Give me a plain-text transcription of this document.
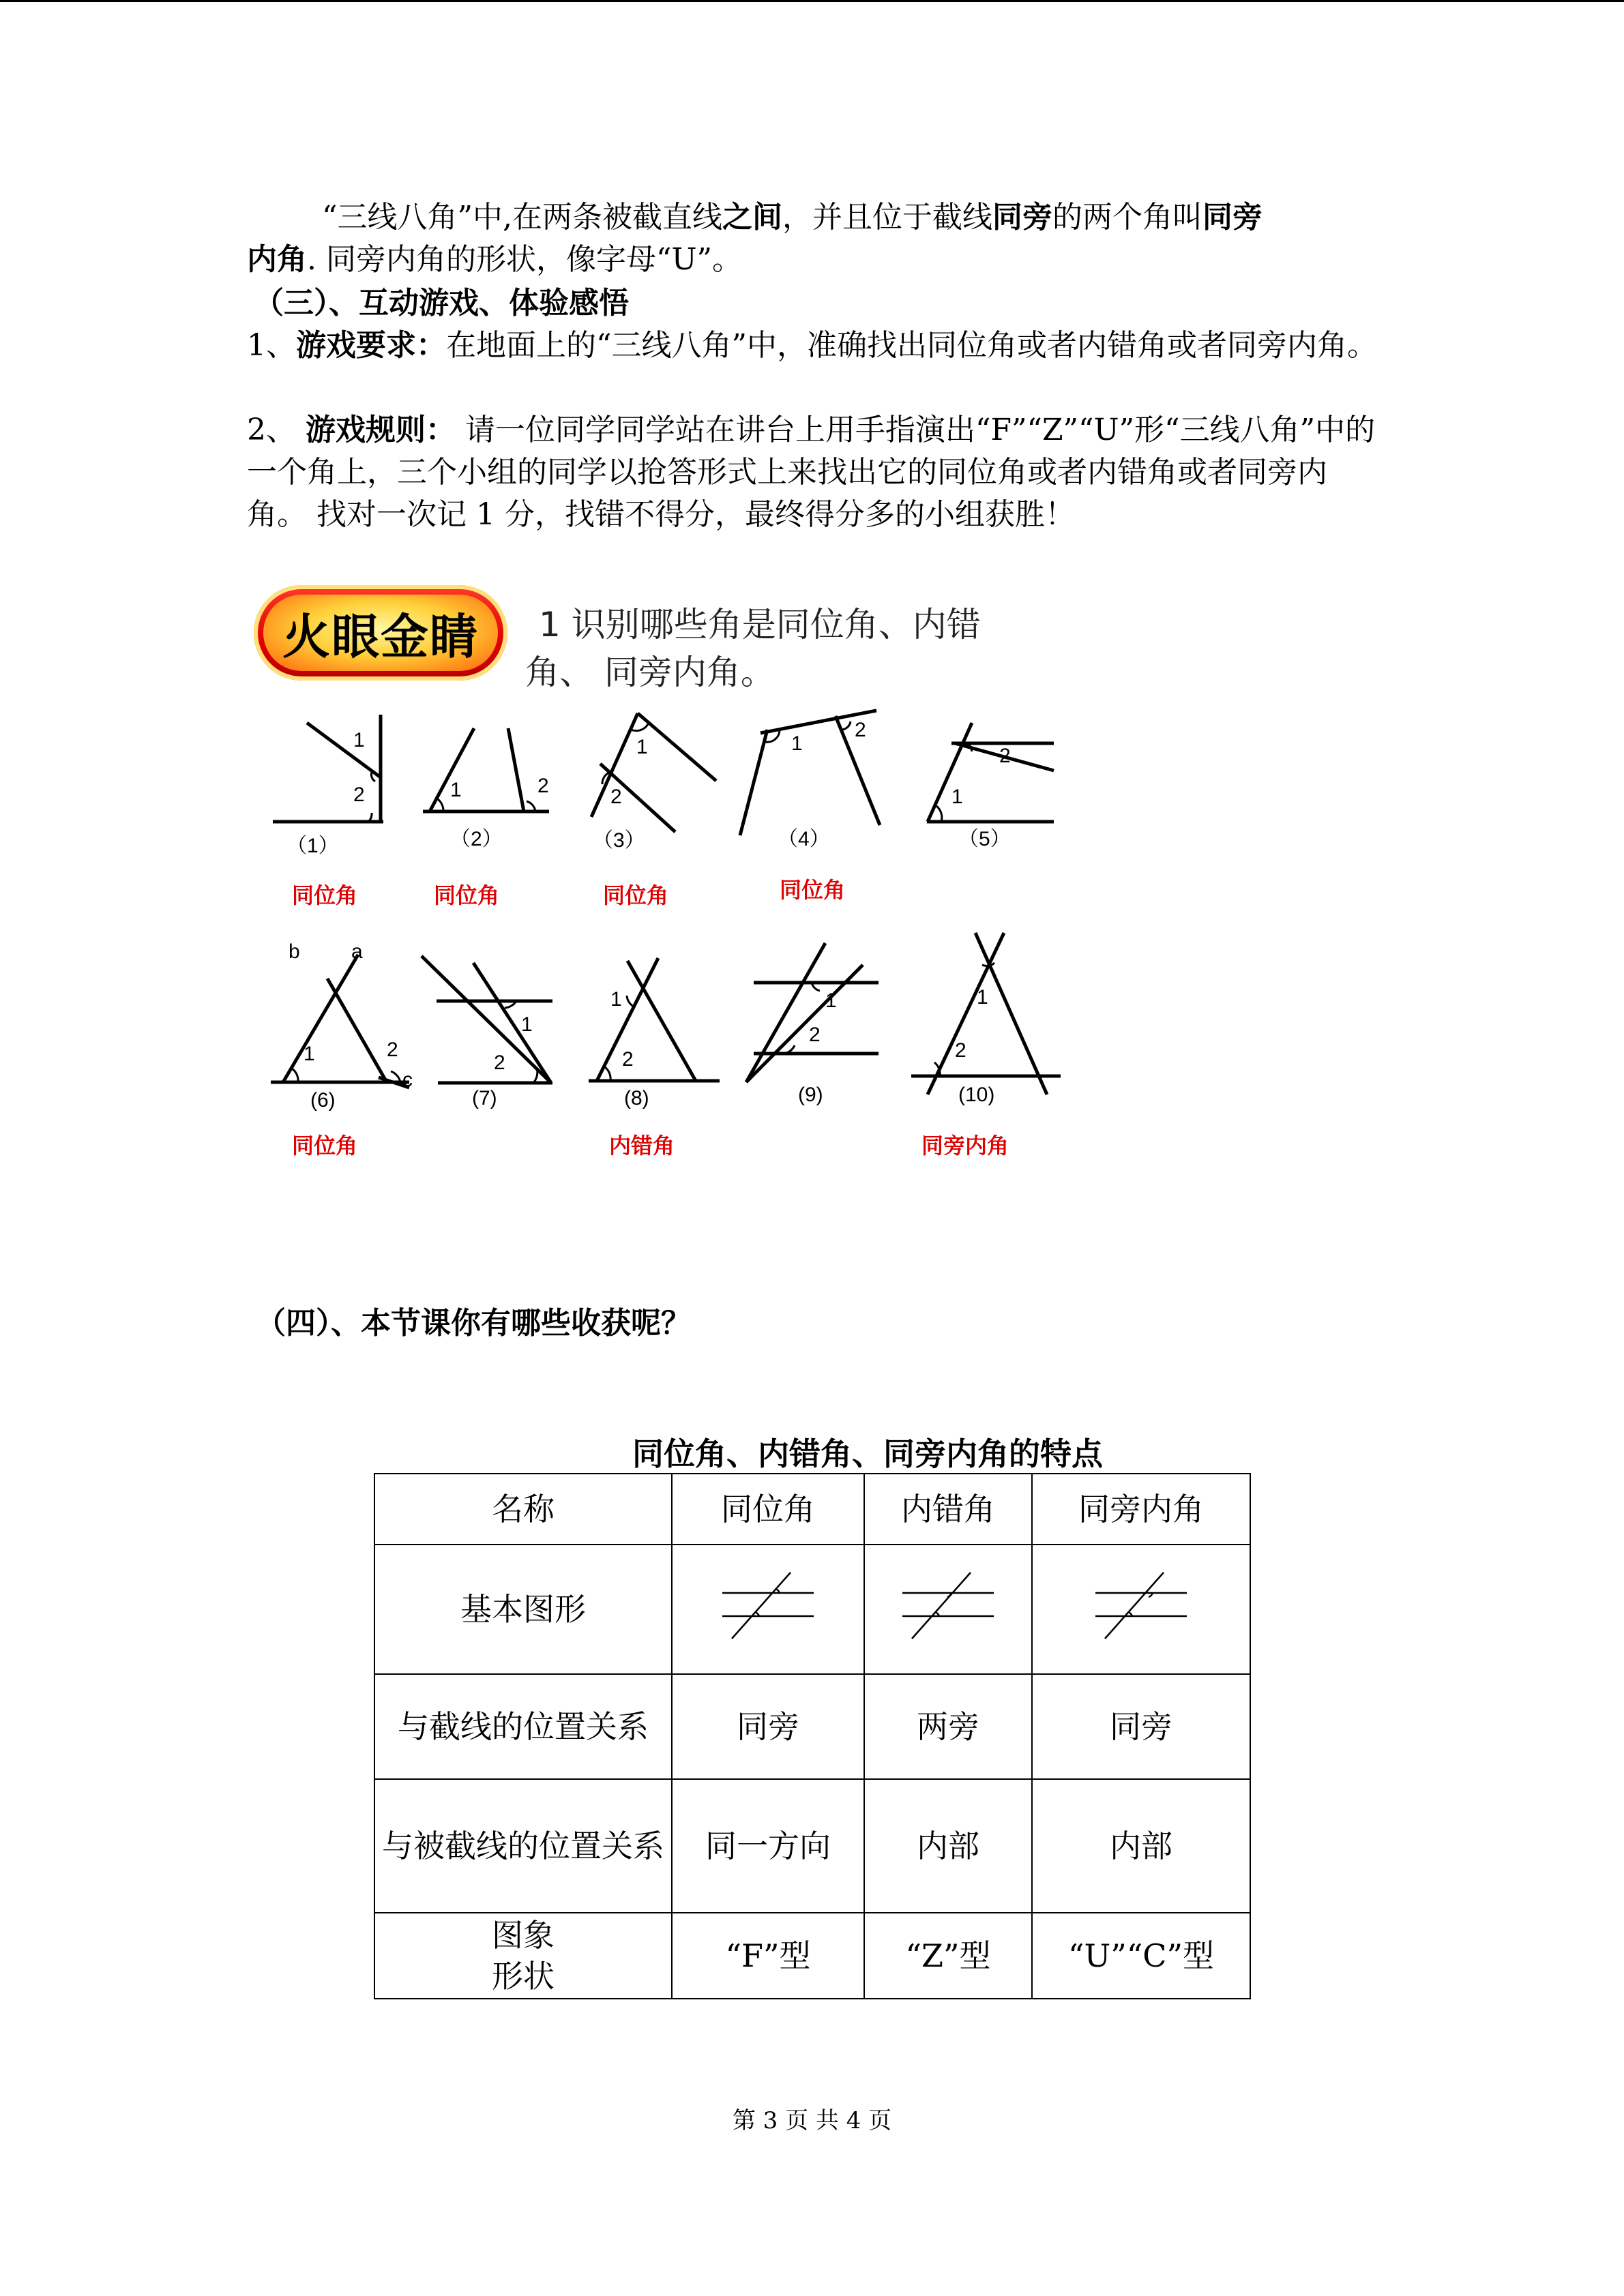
“三线八角”中,在两条被截直线之间，并且位于截线同旁的两个角叫同旁
内角. 同旁内角的形状，像字母“U”。

（三）、互动游戏、体验感悟

1、游戏要求：在地面上的“三线八角”中，准确找出同位角或者内错角或者同旁内角。

2、 游戏规则： 请一位同学同学站在讲台上用手指演出“F”“Z”“U”形“三线八角”中的一个角上，三个小组的同学以抢答形式上来找出它的同位角或者内错角或者同旁内角。 找对一次记 1 分，找错不得分，最终得分多的小组获胜！

火眼金睛 1 识别哪些角是同位角、内错
角、 同旁内角。
1
2
（1）
1	2
（2）
1
2
（3）
1
2
（4）
1
2
（5）
同位角	同位角	同位角	同位角
b	a
1	2
c
(6)
1
2
(7)
1
2
(8)
1
2
(9)
1
2
(10)
同位角	内错角	同旁内角

（四）、本节课你有哪些收获呢？

同位角、内错角、同旁内角的特点
名称	同位角	内错角	同旁内角
基本图形			
与截线的位置关系	同旁	两旁	同旁
与被截线的位置关系	同一方向	内部	内部
图象
形状	“F”型	“Z”型	“U”“C”型
第 3 页 共 4 页
